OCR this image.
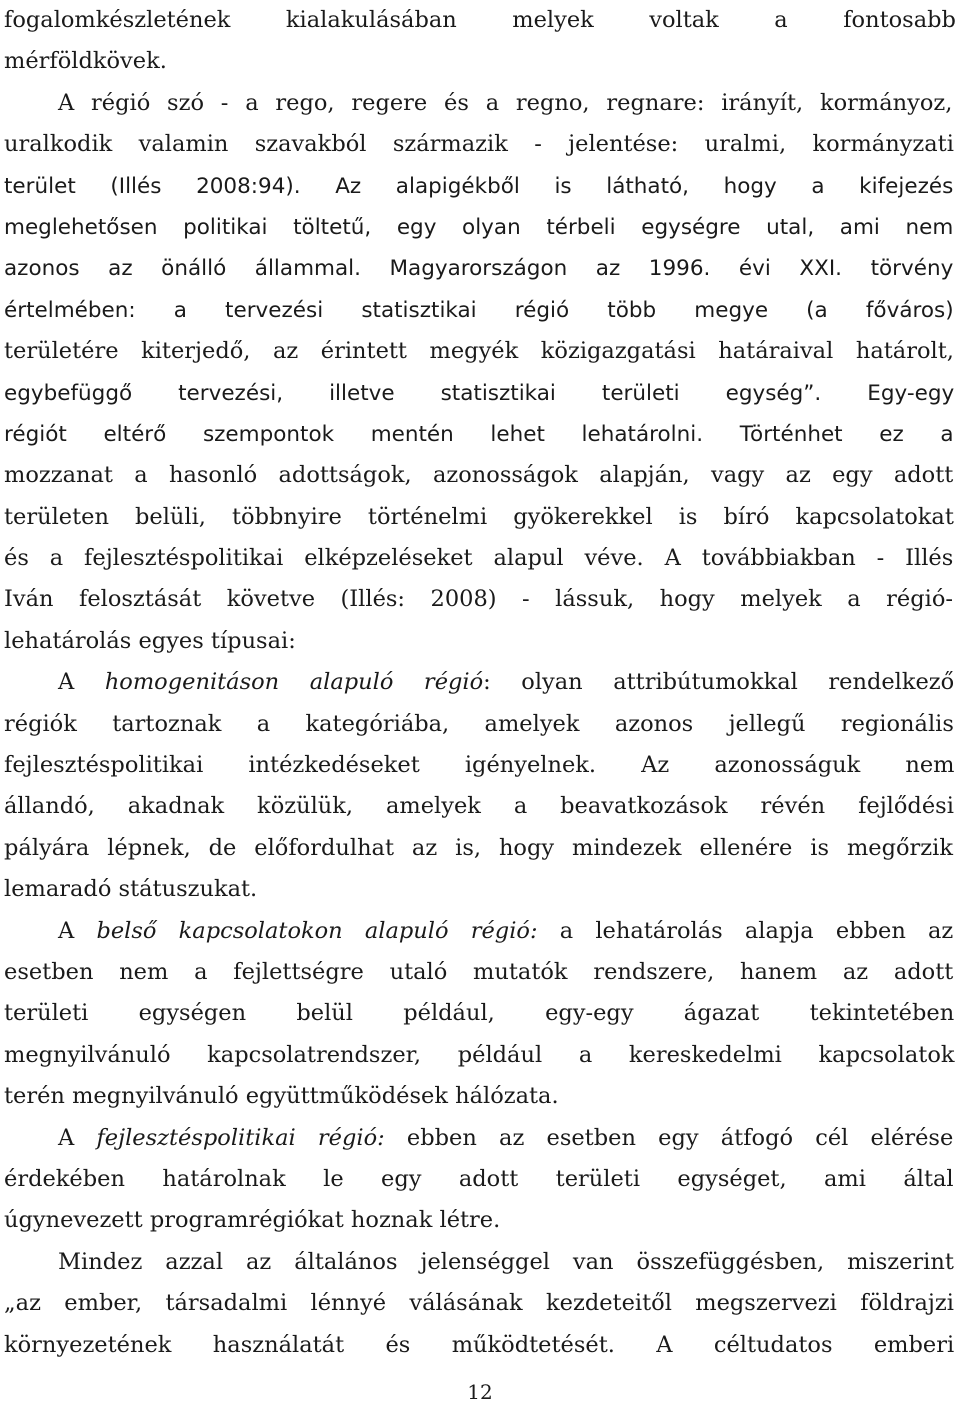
fogalomkészletének kialakulásában melyek voltak a fontosabb
mérföldkövek.
A régió szó - a rego, regere és a regno, regnare: irányít, kormányoz,
uralkodik valamin szavakból származik - jelentése: uralmi, kormányzati
terület (Illés 2008:94). Az alapigékből is látható, hogy a kifejezés
meglehetősen politikai töltetű, egy olyan térbeli egységre utal, ami nem
azonos az önálló állammal. Magyarországon az 1996. évi XXI. törvény
értelmében: a tervezési statisztikai régió több megye (a főváros)
területére kiterjedő, az érintett megyék közigazgatási határaival határolt,
egybefüggő tervezési, illetve statisztikai területi egység”. Egy-egy
régiót eltérő szempontok mentén lehet lehatárolni. Történhet ez a
mozzanat a hasonló adottságok, azonosságok alapján, vagy az egy adott
területen belüli, többnyire történelmi gyökerekkel is bíró kapcsolatokat
és a fejlesztéspolitikai elképzeléseket alapul véve. A továbbiakban - Illés
Iván felosztását követve (Illés: 2008) - lássuk, hogy melyek a régió-
lehatárolás egyes típusai:
A homogenitáson alapuló régió: olyan attribútumokkal rendelkező
régiók tartoznak a kategóriába, amelyek azonos jellegű regionális
fejlesztéspolitikai intézkedéseket igényelnek. Az azonosságuk nem
állandó, akadnak közülük, amelyek a beavatkozások révén fejlődési
pályára lépnek, de előfordulhat az is, hogy mindezek ellenére is megőrzik
lemaradó státuszukat.
A belső kapcsolatokon alapuló régió: a lehatárolás alapja ebben az
esetben nem a fejlettségre utaló mutatók rendszere, hanem az adott
területi egységen belül például, egy-egy ágazat tekintetében
megnyilvánuló kapcsolatrendszer, például a kereskedelmi kapcsolatok
terén megnyilvánuló együttműködések hálózata.
A fejlesztéspolitikai régió: ebben az esetben egy átfogó cél elérése
érdekében határolnak le egy adott területi egységet, ami által
úgynevezett programrégiókat hoznak létre.
Mindez azzal az általános jelenséggel van összefüggésben, miszerint
„az ember, társadalmi lénnyé válásának kezdeteitől megszervezi földrajzi
környezetének használatát és működtetését. A céltudatos emberi
12
